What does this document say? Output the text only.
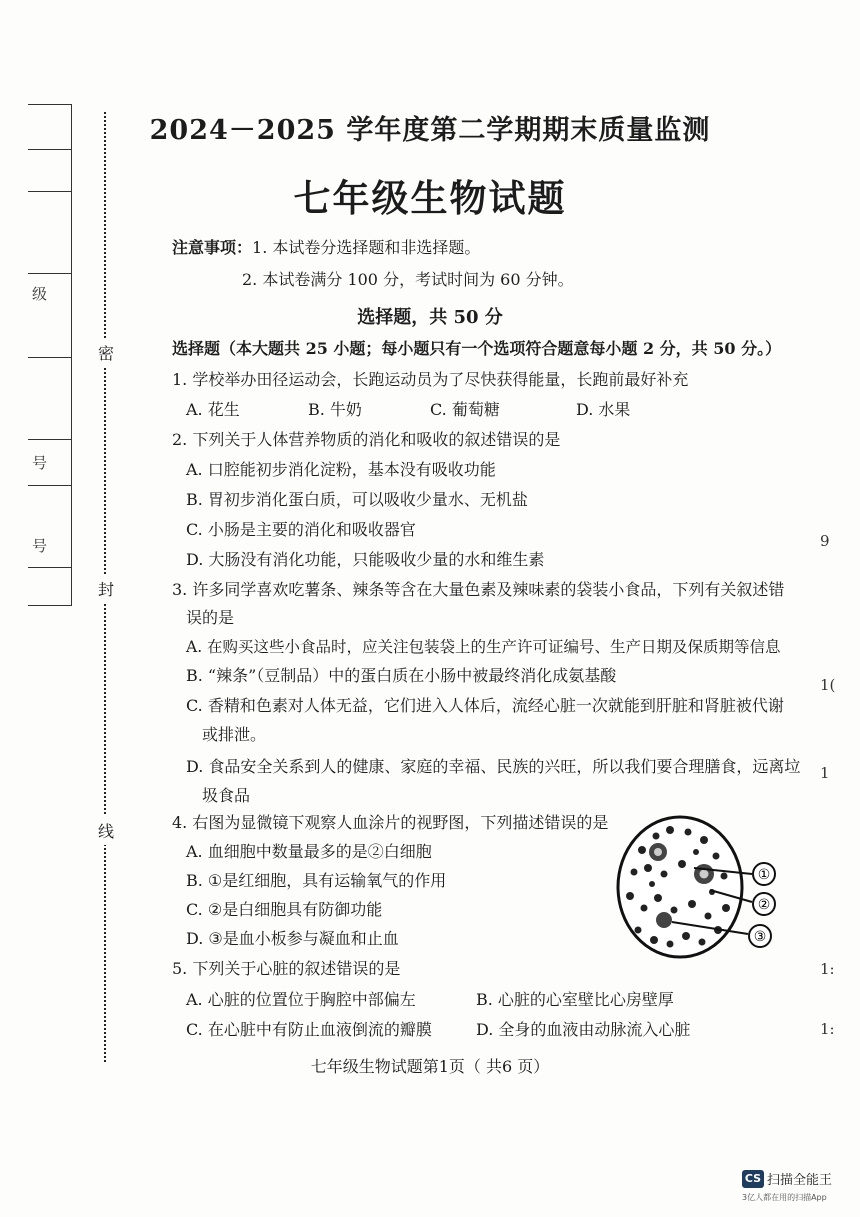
级
号
号
密
封
线
2024－2025 学年度第二学期期末质量监测
七年级生物试题
注意事项：1. 本试卷分选择题和非选择题。
2. 本试卷满分 100 分，考试时间为 60 分钟。
选择题，共 50 分
选择题（本大题共 25 小题；每小题只有一个选项符合题意每小题 2 分，共 50 分。）
1. 学校举办田径运动会，长跑运动员为了尽快获得能量，长跑前最好补充
A. 花生	B. 牛奶	C. 葡萄糖	D. 水果
2. 下列关于人体营养物质的消化和吸收的叙述错误的是
A. 口腔能初步消化淀粉，基本没有吸收功能
B. 胃初步消化蛋白质，可以吸收少量水、无机盐
C. 小肠是主要的消化和吸收器官
D. 大肠没有消化功能，只能吸收少量的水和维生素
3. 许多同学喜欢吃薯条、辣条等含在大量色素及辣味素的袋装小食品，下列有关叙述错
误的是
A. 在购买这些小食品时，应关注包装袋上的生产许可证编号、生产日期及保质期等信息
B. “辣条”（豆制品）中的蛋白质在小肠中被最终消化成氨基酸
C. 香精和色素对人体无益，它们进入人体后，流经心脏一次就能到肝脏和肾脏被代谢
或排泄。
D. 食品安全关系到人的健康、家庭的幸福、民族的兴旺，所以我们要合理膳食，远离垃
圾食品
4. 右图为显微镜下观察人血涂片的视野图，下列描述错误的是
A. 血细胞中数量最多的是②白细胞
B. ①是红细胞，具有运输氧气的作用
C. ②是白细胞具有防御功能
D. ③是血小板参与凝血和止血
①
②
③
5. 下列关于心脏的叙述错误的是
A. 心脏的位置位于胸腔中部偏左	B. 心脏的心室壁比心房壁厚
C. 在心脏中有防止血液倒流的瓣膜	D. 全身的血液由动脉流入心脏
七年级生物试题第1页（ 共6 页）
9
1(
1
1:
1:
CS 扫描全能王
3亿人都在用的扫描App
